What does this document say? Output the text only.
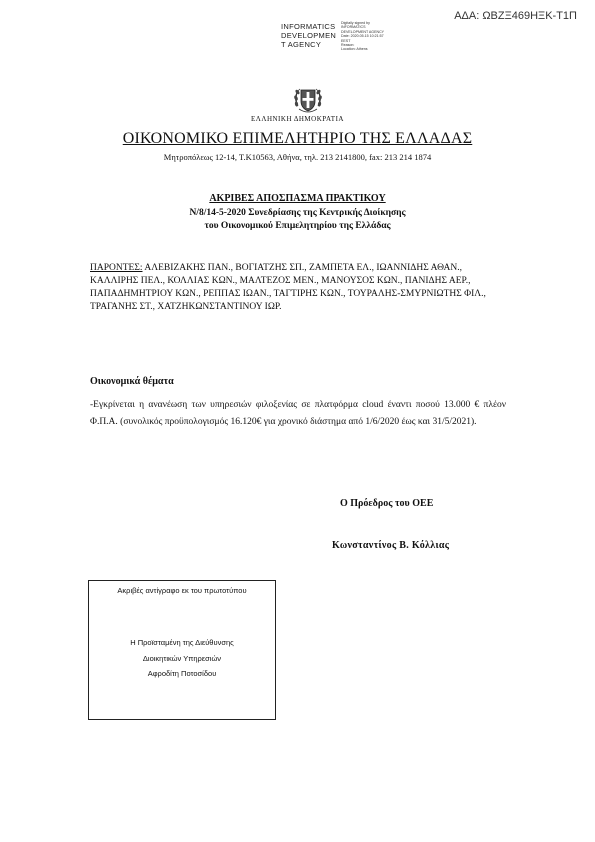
ΑΔΑ: ΩΒΖΞ469ΗΞΚ-Τ1Π
INFORMATICS
DEVELOPMEN
T AGENCY
Digitally signed by
INFORMATICS
DEVELOPMENT AGENCY
Date: 2020.05.15 10:21:57
EEST
Reason:
Location: Athens
ΕΛΛΗΝΙΚΗ ΔΗΜΟΚΡΑΤΙΑ
ΟΙΚΟΝΟΜΙΚΟ ΕΠΙΜΕΛΗΤΗΡΙΟ ΤΗΣ ΕΛΛΑΔΑΣ
Μητροπόλεως 12-14, Τ.Κ10563, Αθήνα, τηλ. 213 2141800, fax: 213 214 1874
ΑΚΡΙΒΕΣ ΑΠΟΣΠΑΣΜΑ ΠΡΑΚΤΙΚΟΥ
Ν/8/14-5-2020 Συνεδρίασης της Κεντρικής Διοίκησης
του Οικονομικού Επιμελητηρίου της Ελλάδας
ΠΑΡΟΝΤΕΣ: ΑΛΕΒΙΖΑΚΗΣ ΠΑΝ., ΒΟΓΙΑΤΖΗΣ ΣΠ., ΖΑΜΠΕΤΑ ΕΛ., ΙΩΑΝΝΙΔΗΣ ΑΘΑΝ., ΚΑΛΛΙΡΗΣ ΠΕΛ., ΚΟΛΛΙΑΣ ΚΩΝ., ΜΑΛΤΕΖΟΣ ΜΕΝ., ΜΑΝΟΥΣΟΣ ΚΩΝ., ΠΑΝΙΔΗΣ ΑΕΡ., ΠΑΠΑΔΗΜΗΤΡΙΟΥ ΚΩΝ., ΡΕΠΠΑΣ ΙΩΑΝ., ΤΑΓΤΙΡΗΣ ΚΩΝ., ΤΟΥΡΑΛΗΣ-ΣΜΥΡΝΙΩΤΗΣ ΦΙΛ., ΤΡΑΓΑΝΗΣ ΣΤ., ΧΑΤΖΗΚΩΝΣΤΑΝΤΙΝΟΥ ΙΩΡ.
Οικονομικά θέματα
-Εγκρίνεται η ανανέωση των υπηρεσιών φιλοξενίας σε πλατφόρμα cloud έναντι ποσού 13.000 € πλέον Φ.Π.Α. (συνολικός προϋπολογισμός 16.120€ για χρονικό διάστημα από 1/6/2020 έως και 31/5/2021).
Ο Πρόεδρος του ΟΕΕ
Κωνσταντίνος Β. Κόλλιας
Ακριβές αντίγραφο εκ του πρωτοτύπου
Η Προϊσταμένη της Διεύθυνσης
Διοικητικών Υπηρεσιών
Αφροδίτη Ποτοσίδου
